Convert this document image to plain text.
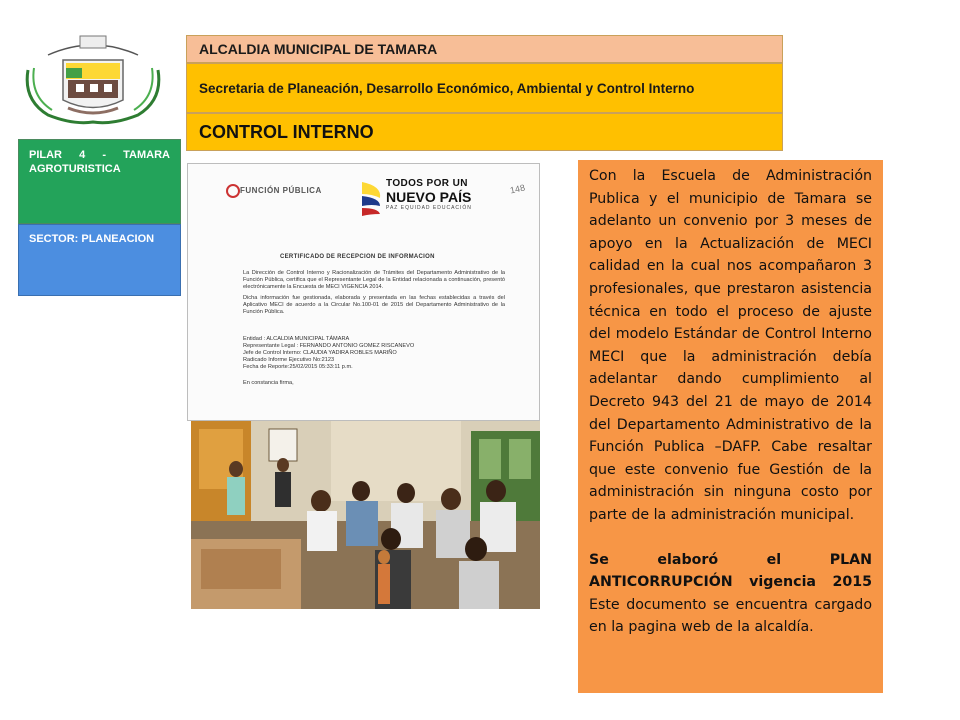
ALCALDIA MUNICIPAL DE TAMARA
Secretaria de Planeación, Desarrollo Económico, Ambiental y Control Interno
CONTROL INTERNO
PILAR 4 - TAMARA AGROTURISTICA
SECTOR: PLANEACION
FUNCIÓN PÚBLICA
TODOS POR UN
NUEVO PAÍS
PAZ EQUIDAD EDUCACIÓN
148
CERTIFICADO DE RECEPCION DE INFORMACION
La Dirección de Control Interno y Racionalización de Trámites del Departamento Administrativo de la Función Pública, certifica que el Representante Legal de la Entidad relacionada a continuación, presentó electrónicamente la Encuesta de MECI VIGENCIA 2014.
Dicha información fue gestionada, elaborada y presentada en las fechas establecidas a través del Aplicativo MECI de acuerdo a la Circular No.100-01 de 2015 del Departamento Administrativo de la Función Pública.
Entidad : ALCALDIA MUNICIPAL TÁMARA
Representante Legal : FERNANDO ANTONIO GOMEZ RISCANEVO
Jefe de Control Interno: CLAUDIA YADIRA ROBLES MARIÑO
Radicado Informe Ejecutivo No:2123
Fecha de Reporte:25/02/2015 05:33:11 p.m.
En constancia firma,

Con la Escuela de Administración Publica y el municipio de Tamara se adelanto un convenio por 3 meses de apoyo en la Actualización de MECI calidad en la cual nos acompañaron 3 profesionales, que prestaron asistencia técnica en todo el proceso de ajuste del modelo Estándar de Control Interno MECI que la administración debía adelantar dando cumplimiento al Decreto 943 del 21 de mayo de 2014 del Departamento Administrativo de la Función Publica –DAFP. Cabe resaltar que este convenio fue Gestión de la administración sin ninguna costo por parte de la administración municipal.

Se elaboró el PLAN ANTICORRUPCIÓN vigencia 2015 Este documento se encuentra cargado en la pagina web de la alcaldía.
